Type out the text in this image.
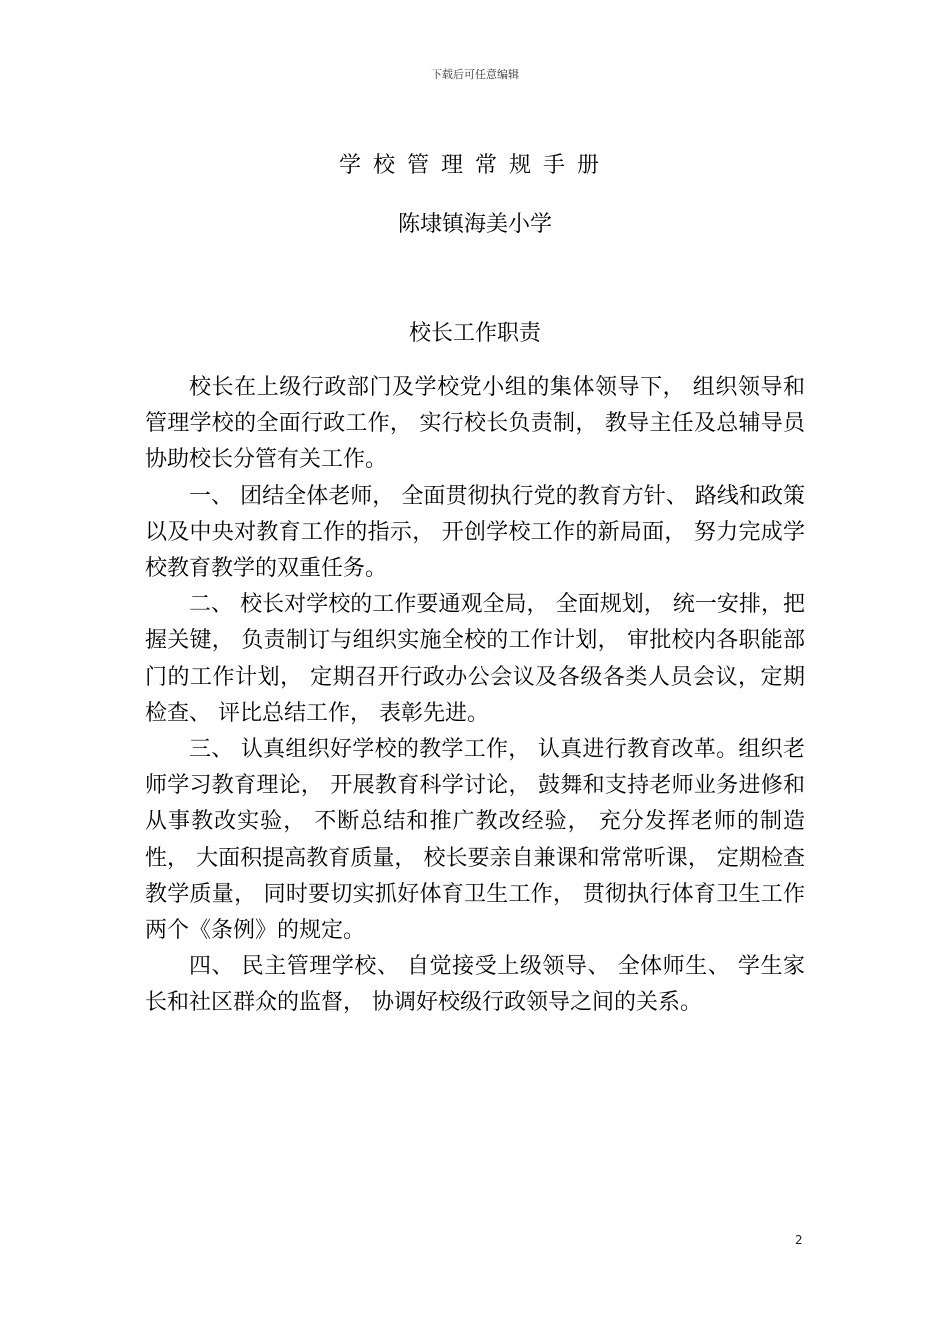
下载后可任意编辑
学校管理常规手册
陈埭镇海美小学
校长工作职责

校长在上级行政部门及学校党小组的集体领导下， 组织领导和管理学校的全面行政工作， 实行校长负责制， 教导主任及总辅导员协助校长分管有关工作。

一、 团结全体老师， 全面贯彻执行党的教育方针、 路线和政策以及中央对教育工作的指示， 开创学校工作的新局面， 努力完成学校教育教学的双重任务。

二、 校长对学校的工作要通观全局， 全面规划， 统一安排，把握关键， 负责制订与组织实施全校的工作计划， 审批校内各职能部门的工作计划， 定期召开行政办公会议及各级各类人员会议，定期检查、 评比总结工作， 表彰先进。

三、 认真组织好学校的教学工作， 认真进行教育改革。组织老师学习教育理论， 开展教育科学讨论， 鼓舞和支持老师业务进修和从事教改实验， 不断总结和推广教改经验， 充分发挥老师的制造性， 大面积提高教育质量， 校长要亲自兼课和常常听课， 定期检查教学质量， 同时要切实抓好体育卫生工作， 贯彻执行体育卫生工作两个《条例》的规定。

四、 民主管理学校、 自觉接受上级领导、 全体师生、 学生家长和社区群众的监督， 协调好校级行政领导之间的关系。

2
